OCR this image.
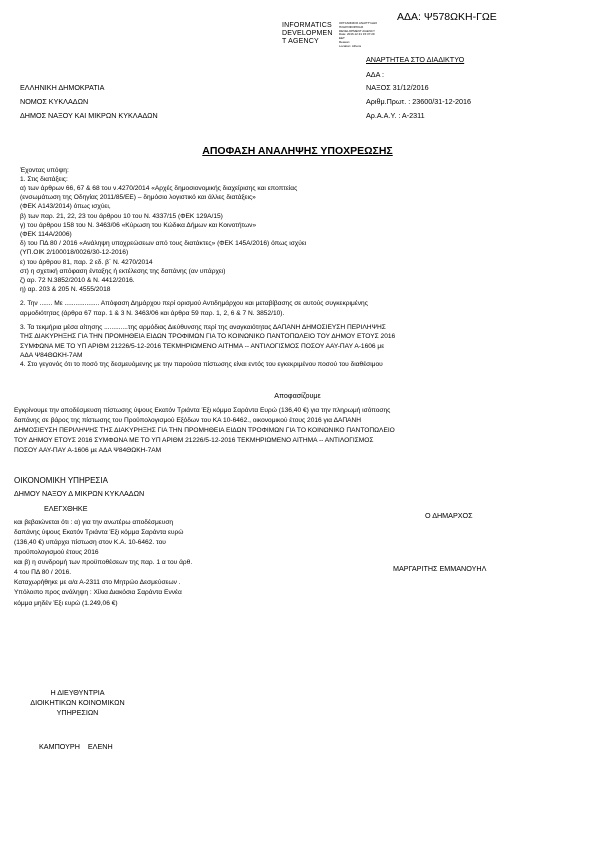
ΑΔΑ: Ψ578ΩΚΗ-ΓΩΕ
INFORMATICS
DEVELOPMEN
T AGENCY
ΟΡΓΑΝΙΣΜΟΣ ΑΝΑΠΤΥΞΗΣ
ΠΛΗΡΟΦΟΡΙΚΗΣ
DEVELOPMENT AGENCY
Date: 2016.12.31 15:37:29
EET
Reason:
Location: Athens
ΑΝΑΡΤΗΤΕΑ ΣΤΟ ΔΙΑΔΙΚΤΥΟ
ΑΔΑ :
ΝΑΞΟΣ 31/12/2016
Αριθμ.Πρωτ. : 23600/31-12-2016
Αρ.Α.Α.Υ. : Α-2311
ΕΛΛΗΝΙΚΗ ΔΗΜΟΚΡΑΤΙΑ
ΝΟΜΟΣ ΚΥΚΛΑΔΩΝ
ΔΗΜΟΣ ΝΑΞΟΥ ΚΑΙ ΜΙΚΡΩΝ ΚΥΚΛΑΔΩΝ
ΑΠΟΦΑΣΗ ΑΝΑΛΗΨΗΣ ΥΠΟΧΡΕΩΣΗΣ
Έχοντας υπόψη:
1. Στις διατάξεις:
α) των άρθρων 66, 67 & 68 του ν.4270/2014 «Αρχές δημοσιονομικής διαχείρισης και εποπτείας
(ενσωμάτωση της Οδηγίας 2011/85/ΕΕ) – δημόσιο λογιστικό και άλλες διατάξεις»
(ΦΕΚ Α143/2014) όπως ισχύει,
β) των παρ. 21, 22, 23 του άρθρου 10 του Ν. 4337/15 (ΦΕΚ 129Α/15)
γ) του άρθρου 158 του Ν. 3463/06 «Κύρωση του Κώδικα Δήμων και Κοινοτήτων»
(ΦΕΚ 114Α/2006)
δ) του ΠΔ 80 / 2016 «Ανάληψη υποχρεώσεων από τους διατάκτες» (ΦΕΚ 145Α/2016) όπως ισχύει
(ΥΠ.ΟΙΚ 2/100018/0026/30-12-2016)
ε) του άρθρου 81, παρ. 2 εδ. β΄ Ν. 4270/2014
στ) η σχετική απόφαση ένταξης ή εκτέλεσης της δαπάνης (αν υπάρχει)
ζ) αρ. 72 Ν.3852/2010 & Ν. 4412/2016.
η) αρ. 203 & 205 Ν. 4555/2018
2. Την ....... Με ................... Απόφαση Δημάρχου περί ορισμού Αντιδημάρχου και μεταβίβασης σε αυτούς συγκεκριμένης
αρμοδιότητας (άρθρα 67 παρ. 1 & 3 Ν. 3463/06 και άρθρα 59 παρ. 1, 2, 6 & 7 Ν. 3852/10).
3. Τα τεκμήρια μέσα αίτησης .............της αρμόδιας Διεύθυνσης περί της αναγκαιότητας ΔΑΠΑΝΗ ΔΗΜΟΣΙΕΥΣΗ ΠΕΡΙΛΗΨΗΣ
ΤΗΣ ΔΙΑΚΥΡΗΞΗΣ ΓΙΑ ΤΗΝ ΠΡΟΜΗΘΕΙΑ ΕΙΔΩΝ ΤΡΟΦΙΜΩΝ ΓΙΑ ΤΟ ΚΟΙΝΩΝΙΚΟ ΠΑΝΤΟΠΩΛΕΙΟ ΤΟΥ ΔΗΜΟΥ ΕΤΟΥΣ 2016
ΣΥΜΦΩΝΑ ΜΕ ΤΟ ΥΠ ΑΡΙΘΜ 21226/5-12-2016 ΤΕΚΜΗΡΙΩΜΕΝΟ ΑΙΤΗΜΑ -- ΑΝΤΙΛΟΓΙΣΜΟΣ ΠΟΣΟΥ ΑΑΥ-ΠΑΥ Α-1606 με
ΑΔΑ Ψ84ΘΩΚΗ-7ΑΜ
4. Στο γεγονός ότι το ποσό της δεσμευόμενης με την παρούσα πίστωσης είναι εντός του εγκεκριμένου ποσού του διαθέσιμου
Αποφασίζουμε
Εγκρίνουμε την αποδέσμευση πίστωσης ύψους Εκατόν Τριάντα Έξι κόμμα Σαράντα Ευρώ (136,40 €) για την πληρωμή ισόποσης
δαπάνης σε βάρος της πίστωσης του Προϋπολογισμού Εξόδων του ΚΑ 10-6462., οικονομικού έτους 2016 για ΔΑΠΑΝΗ
ΔΗΜΟΣΙΕΥΣΗ ΠΕΡΙΛΗΨΗΣ ΤΗΣ ΔΙΑΚΥΡΗΞΗΣ ΓΙΑ ΤΗΝ ΠΡΟΜΗΘΕΙΑ ΕΙΔΩΝ ΤΡΟΦΙΜΩΝ ΓΙΑ ΤΟ ΚΟΙΝΩΝΙΚΟ ΠΑΝΤΟΠΩΛΕΙΟ
ΤΟΥ ΔΗΜΟΥ ΕΤΟΥΣ 2016 ΣΥΜΦΩΝΑ ΜΕ ΤΟ ΥΠ ΑΡΙΘΜ 21226/5-12-2016 ΤΕΚΜΗΡΙΩΜΕΝΟ ΑΙΤΗΜΑ -- ΑΝΤΙΛΟΓΙΣΜΟΣ
ΠΟΣΟΥ ΑΑΥ-ΠΑΥ Α-1606 με ΑΔΑ Ψ84ΘΩΚΗ-7ΑΜ
ΟΙΚΟΝΟΜΙΚΗ ΥΠΗΡΕΣΙΑ
ΔΗΜΟΥ ΝΑΞΟΥ Δ ΜΙΚΡΩΝ ΚΥΚΛΑΔΩΝ
ΕΛΕΓΧΘΗΚΕ
και βεβαιώνεται ότι : α) για την ανωτέρω αποδέσμευση
δαπάνης ύψους Εκατόν Τριάντα Έξι κόμμα Σαράντα ευρώ
(136,40 €) υπάρχει πίστωση στον Κ.Α. 10-6462. του
προϋπολογισμού έτους 2016
και β) η συνδρομή των προϋποθέσεων της παρ. 1 α του άρθ.
4 του ΠΔ 80 / 2016.
Καταχωρήθηκε με α/α Α-2311 στο Μητρώο Δεσμεύσεων .
Υπόλοιπο προς ανάληψη : Χίλια Διακόσια Σαράντα Εννέα
κόμμα μηδέν Έξι ευρώ (1.249,06 €)
Ο ΔΗΜΑΡΧΟΣ
ΜΑΡΓΑΡΙΤΗΣ ΕΜΜΑΝΟΥΗΛ
Η ΔΙΕΥΘΥΝΤΡΙΑ
ΔΙΟΙΚΗΤΙΚΩΝ ΚΟΙΝΟΜΙΚΩΝ
ΥΠΗΡΕΣΙΩΝ
ΚΑΜΠΟΥΡΗ    ΕΛΕΝΗ
